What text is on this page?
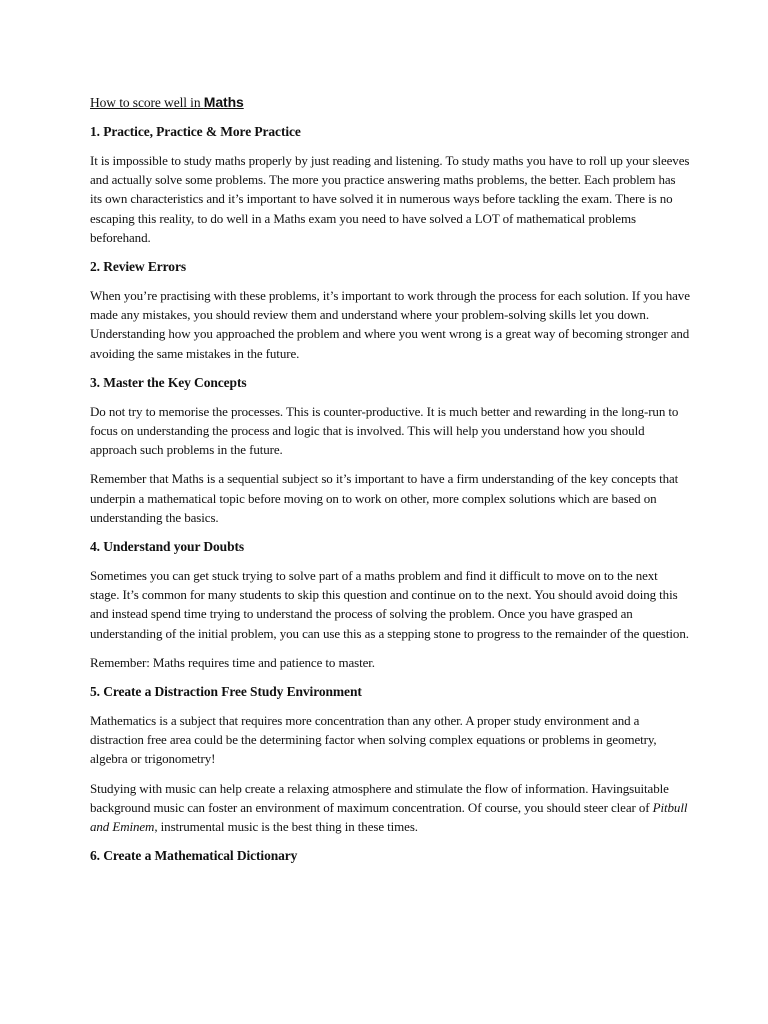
How to score well in Maths
1. Practice, Practice & More Practice

It is impossible to study maths properly by just reading and listening. To study maths you have to roll up your sleeves and actually solve some problems. The more you practice answering maths problems, the better. Each problem has its own characteristics and it’s important to have solved it in numerous ways before tackling the exam. There is no escaping this reality, to do well in a Maths exam you need to have solved a LOT of mathematical problems beforehand.

2. Review Errors

When you’re practising with these problems, it’s important to work through the process for each solution. If you have made any mistakes, you should review them and understand where your problem-solving skills let you down. Understanding how you approached the problem and where you went wrong is a great way of becoming stronger and avoiding the same mistakes in the future.

3. Master the Key Concepts

Do not try to memorise the processes. This is counter-productive. It is much better and rewarding in the long-run to focus on understanding the process and logic that is involved. This will help you understand how you should approach such problems in the future.

Remember that Maths is a sequential subject so it’s important to have a firm understanding of the key concepts that underpin a mathematical topic before moving on to work on other, more complex solutions which are based on understanding the basics.

4. Understand your Doubts

Sometimes you can get stuck trying to solve part of a maths problem and find it difficult to move on to the next stage. It’s common for many students to skip this question and continue on to the next. You should avoid doing this and instead spend time trying to understand the process of solving the problem. Once you have grasped an understanding of the initial problem, you can use this as a stepping stone to progress to the remainder of the question.

Remember: Maths requires time and patience to master.

5. Create a Distraction Free Study Environment

Mathematics is a subject that requires more concentration than any other. A proper study environment and a distraction free area could be the determining factor when solving complex equations or problems in geometry, algebra or trigonometry!

Studying with music can help create a relaxing atmosphere and stimulate the flow of information. Havingsuitable background music can foster an environment of maximum concentration. Of course, you should steer clear of Pitbull and Eminem, instrumental music is the best thing in these times.

6. Create a Mathematical Dictionary
